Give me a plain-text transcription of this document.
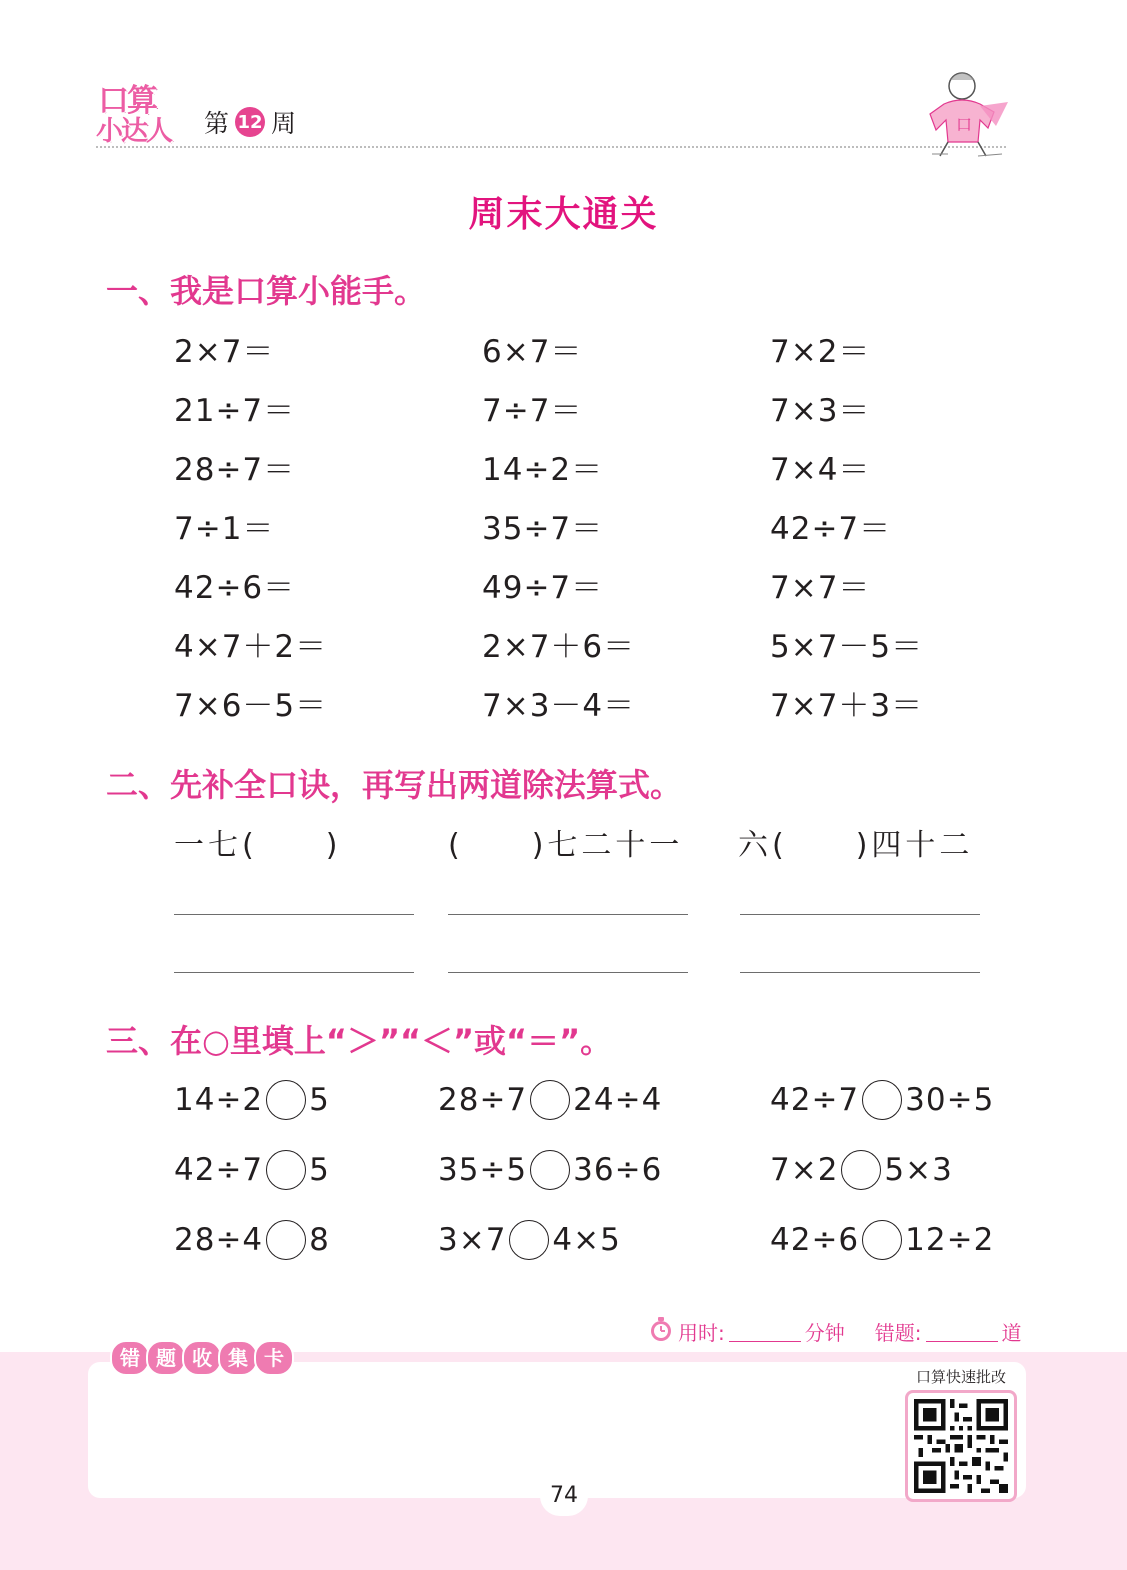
口算
小达人 第 12 周	口
周末大通关
一、我是口算小能手。
2×7＝	6×7＝	7×2＝
21÷7＝	7÷7＝	7×3＝
28÷7＝	14÷2＝	7×4＝
7÷1＝	35÷7＝	42÷7＝
42÷6＝	49÷7＝	7×7＝
4×7＋2＝	2×7＋6＝	5×7－5＝
7×6－5＝	7×3－4＝	7×7＋3＝
二、先补全口诀，再写出两道除法算式。
一七(　　)	(　　)七二十一 六(　　)四十二
三、在○里填上“＞”“＜”或“＝”。
14÷2 5	28÷7 24÷4	42÷7 30÷5
42÷7 5	35÷5 36÷6	7×2 5×3
28÷4 8	3×7 4×5	42÷6 12÷2
用时:	分钟 错题:	道
错 题 收 集 卡
口算快速批改
74
